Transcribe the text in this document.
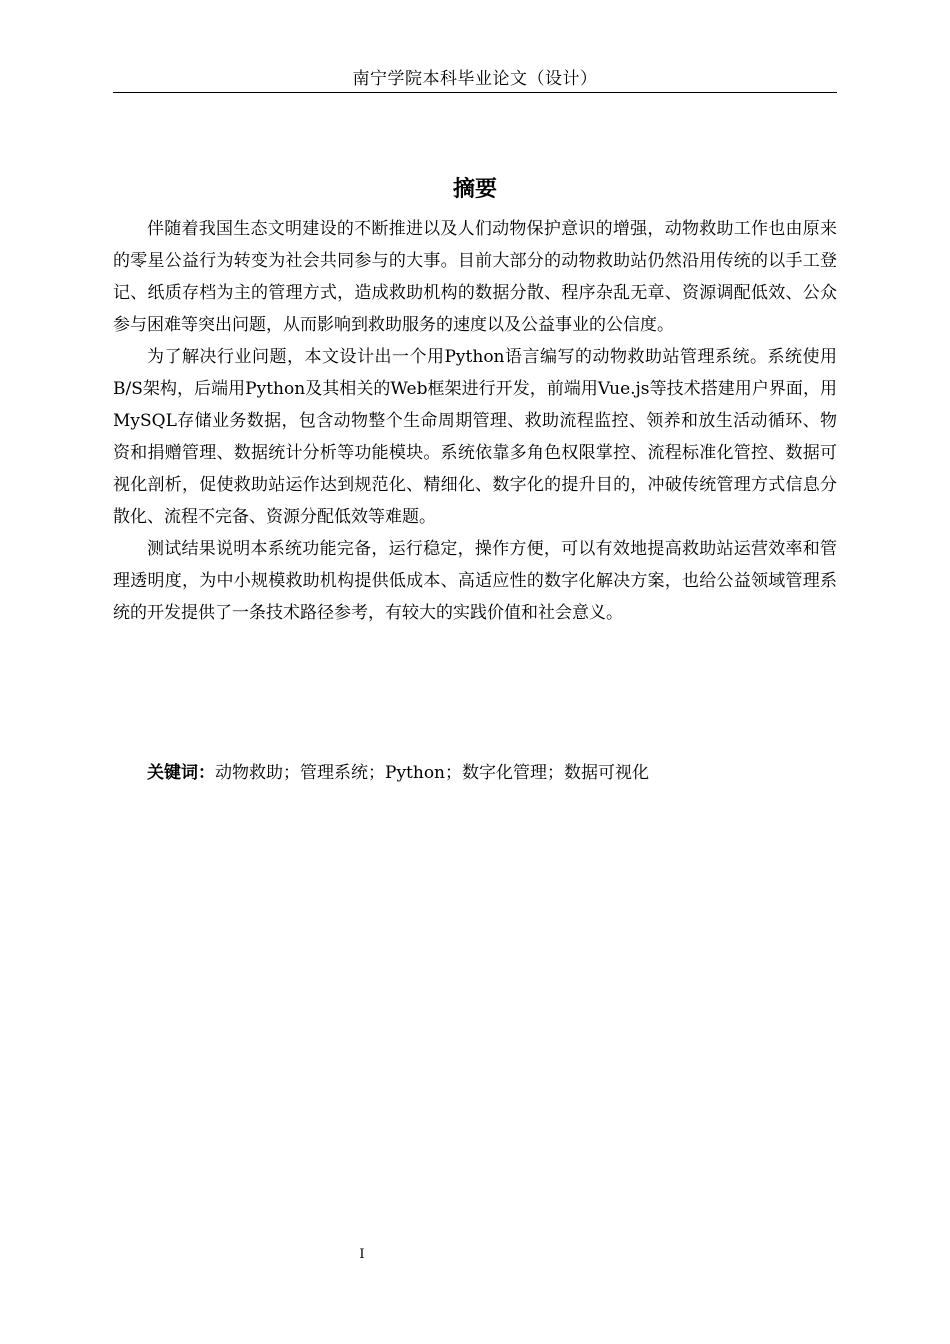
南宁学院本科毕业论文（设计）
摘要

伴随着我国生态文明建设的不断推进以及人们动物保护意识的增强，动物救助工作也由原来的零星公益行为转变为社会共同参与的大事。目前大部分的动物救助站仍然沿用传统的以手工登记、纸质存档为主的管理方式，造成救助机构的数据分散、程序杂乱无章、资源调配低效、公众参与困难等突出问题，从而影响到救助服务的速度以及公益事业的公信度。

为了解决行业问题，本文设计出一个用Python语言编写的动物救助站管理系统。系统使用B/S架构，后端用Python及其相关的Web框架进行开发，前端用Vue.js等技术搭建用户界面，用MySQL存储业务数据，包含动物整个生命周期管理、救助流程监控、领养和放生活动循环、物资和捐赠管理、数据统计分析等功能模块。系统依靠多角色权限掌控、流程标准化管控、数据可视化剖析，促使救助站运作达到规范化、精细化、数字化的提升目的，冲破传统管理方式信息分散化、流程不完备、资源分配低效等难题。

测试结果说明本系统功能完备，运行稳定，操作方便，可以有效地提高救助站运营效率和管理透明度，为中小规模救助机构提供低成本、高适应性的数字化解决方案，也给公益领域管理系统的开发提供了一条技术路径参考，有较大的实践价值和社会意义。

关键词：动物救助；管理系统；Python；数字化管理；数据可视化
I
